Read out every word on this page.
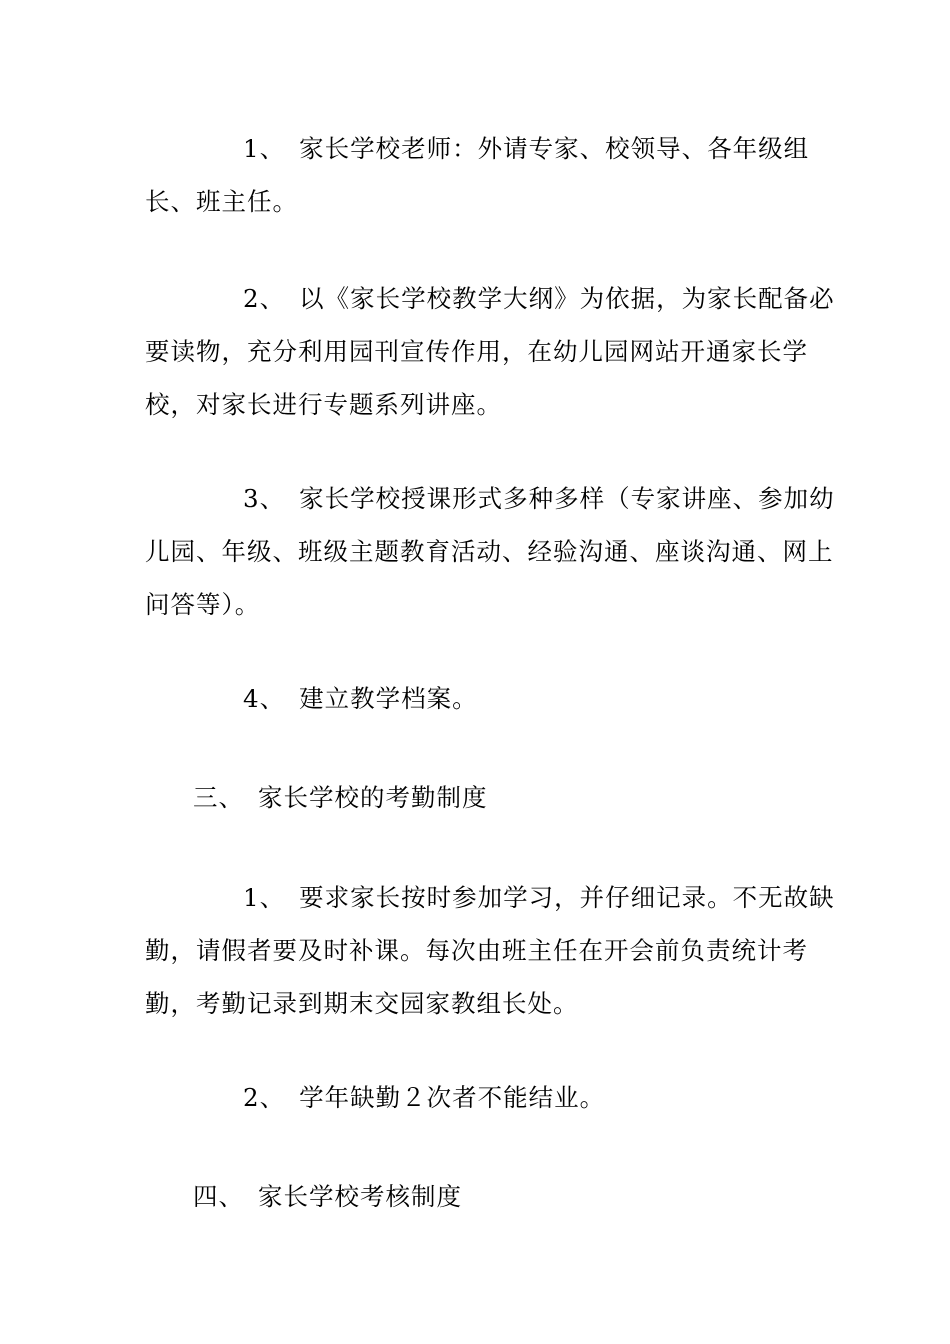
1、 家长学校老师：外请专家、校领导、各年级组长、班主任。

2、 以《家长学校教学大纲》为依据，为家长配备必要读物，充分利用园刊宣传作用，在幼儿园网站开通家长学校，对家长进行专题系列讲座。

3、 家长学校授课形式多种多样（专家讲座、参加幼儿园、年级、班级主题教育活动、经验沟通、座谈沟通、网上问答等）。

4、 建立教学档案。

三、 家长学校的考勤制度

1、 要求家长按时参加学习，并仔细记录。不无故缺勤，请假者要及时补课。每次由班主任在开会前负责统计考勤，考勤记录到期末交园家教组长处。

2、 学年缺勤２次者不能结业。

四、 家长学校考核制度
